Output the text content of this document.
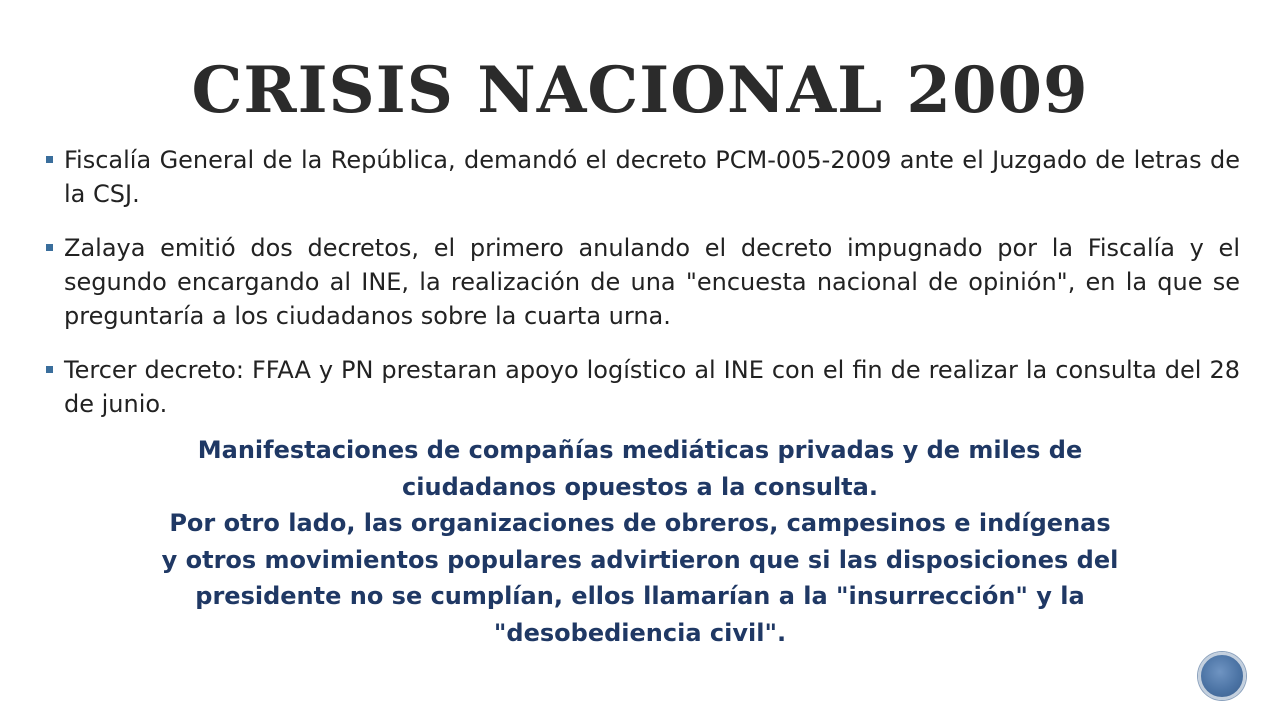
CRISIS NACIONAL 2009
Fiscalía General de la República, demandó el decreto PCM-005-2009 ante el Juzgado de letras de la CSJ.
Zalaya emitió dos decretos, el primero anulando el decreto impugnado por la Fiscalía y el segundo encargando al INE, la realización de una "encuesta nacional de opinión", en la que se preguntaría a los ciudadanos sobre la cuarta urna.
Tercer decreto: FFAA y PN prestaran apoyo logístico al INE con el fin de realizar la consulta del 28 de junio.

Manifestaciones de compañías mediáticas privadas y de miles de ciudadanos opuestos a la consulta.

Por otro lado, las organizaciones de obreros, campesinos e indígenas y otros movimientos populares advirtieron que si las disposiciones del presidente no se cumplían, ellos llamarían a la "insurrección" y la "desobediencia civil".
